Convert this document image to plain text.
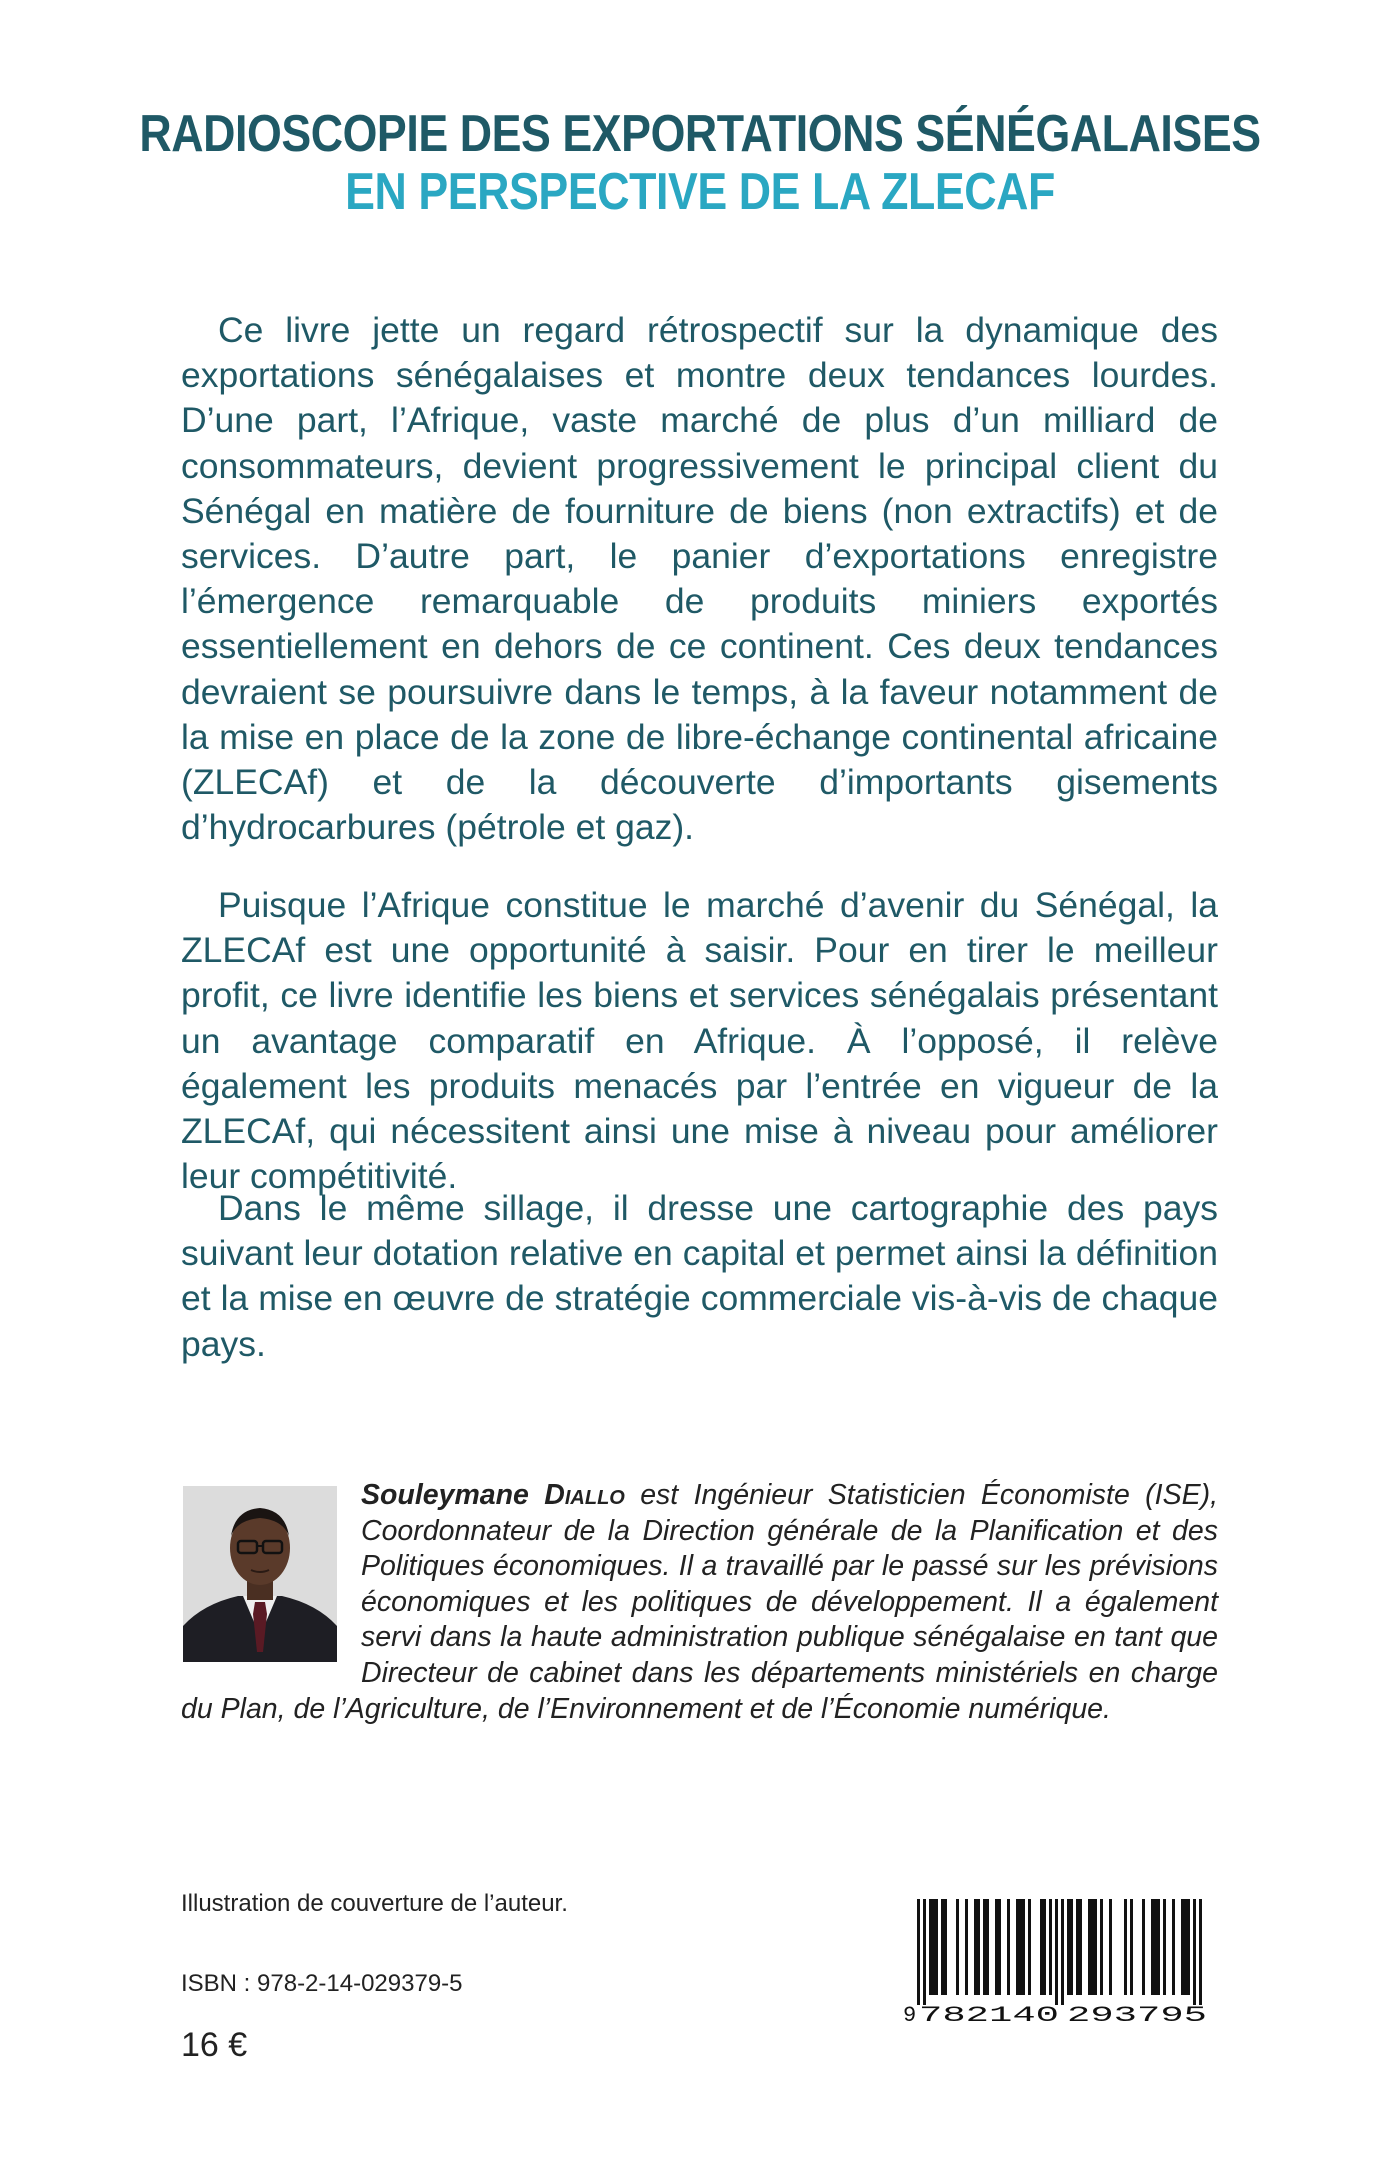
RADIOSCOPIE DES EXPORTATIONS SÉNÉGALAISES
EN PERSPECTIVE DE LA ZLECAF

Ce livre jette un regard rétrospectif sur la dynamique des exportations sénégalaises et montre deux tendances lourdes. D’une part, l’Afrique, vaste marché de plus d’un milliard de consommateurs, devient progressivement le principal client du Sénégal en matière de fourniture de biens (non extractifs) et de services. D’autre part, le panier d’exportations enregistre l’émergence remarquable de produits miniers exportés essentiellement en dehors de ce continent. Ces deux tendances devraient se poursuivre dans le temps, à la faveur notamment de la mise en place de la zone de libre-échange continental africaine (ZLECAf) et de la découverte d’importants gisements d’hydrocarbures (pétrole et gaz).

Puisque l’Afrique constitue le marché d’avenir du Sénégal, la ZLECAf est une opportunité à saisir. Pour en tirer le meilleur profit, ce livre identifie les biens et services sénégalais présentant un avantage comparatif en Afrique. À l’opposé, il relève également les produits menacés par l’entrée en vigueur de la ZLECAf, qui nécessitent ainsi une mise à niveau pour améliorer leur compétitivité.

Dans le même sillage, il dresse une cartographie des pays suivant leur dotation relative en capital et permet ainsi la définition et la mise en œuvre de stratégie commerciale vis-à-vis de chaque pays.

Souleymane Diallo est Ingénieur Statisticien Économiste (ISE), Coordonnateur de la Direction générale de la Planification et des Politiques économiques. Il a travaillé par le passé sur les prévisions économiques et les politiques de développement. Il a également servi dans la haute administration publique sénégalaise en tant que Directeur de cabinet dans les départements ministériels en charge du Plan, de l’Agriculture, de l’Environnement et de l’Économie numérique.

Illustration de couverture de l’auteur.
ISBN : 978-2-14-029379-5
16 €
9 782140 293795
